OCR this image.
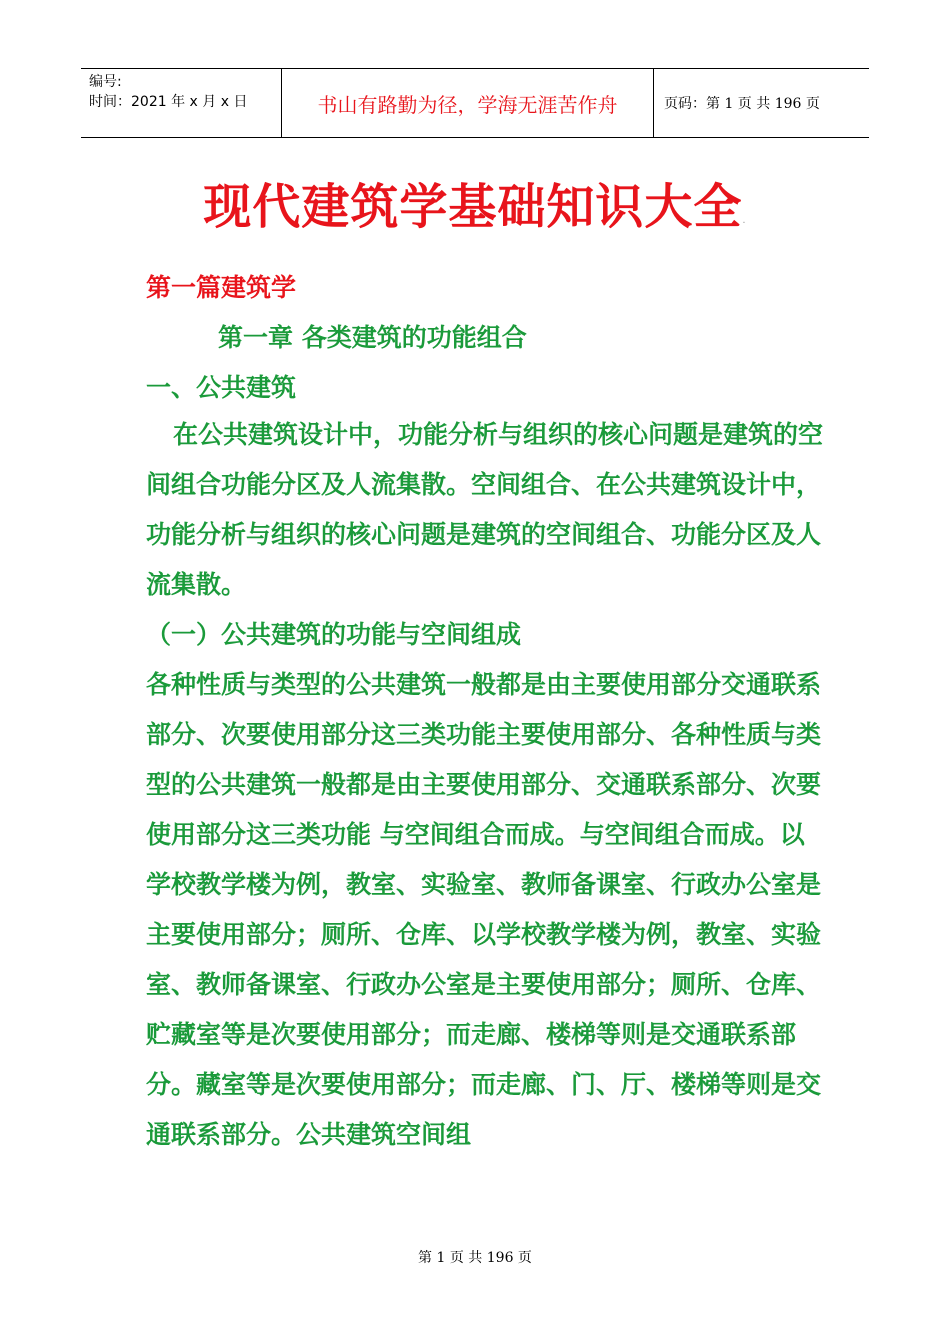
编号:
时间：2021 年 x 月 x 日	书山有路勤为径，学海无涯苦作舟	页码：第 1 页 共 196 页
现代建筑学基础知识大全.
第一篇建筑学
第一章 各类建筑的功能组合
一、公共建筑
在公共建筑设计中，功能分析与组织的核心问题是建筑的空间组合功能分区及人流集散。空间组合、在公共建筑设计中，功能分析与组织的核心问题是建筑的空间组合、功能分区及人流集散。
（一）公共建筑的功能与空间组成
各种性质与类型的公共建筑一般都是由主要使用部分交通联系部分、次要使用部分这三类功能主要使用部分、各种性质与类型的公共建筑一般都是由主要使用部分、交通联系部分、次要使用部分这三类功能 与空间组合而成。与空间组合而成。以学校教学楼为例，教室、实验室、教师备课室、行政办公室是主要使用部分；厕所、仓库、以学校教学楼为例，教室、实验室、教师备课室、行政办公室是主要使用部分；厕所、仓库、贮藏室等是次要使用部分；而走廊、楼梯等则是交通联系部分。藏室等是次要使用部分；而走廊、门、厅、楼梯等则是交通联系部分。公共建筑空间组
第 1 页 共 196 页
